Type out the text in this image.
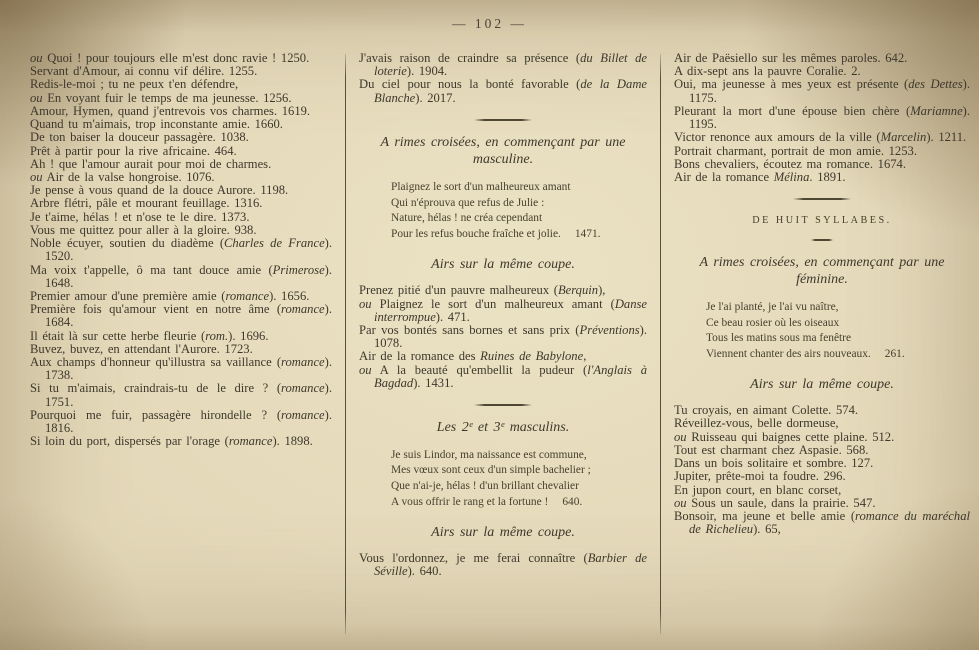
— 102 —

ou Quoi ! pour toujours elle m'est donc ravie ! 1250.

Servant d'Amour, ai connu vif délire. 1255.

Redis-le-moi ; tu ne peux t'en défendre,

ou En voyant fuir le temps de ma jeunesse. 1256.

Amour, Hymen, quand j'entrevois vos charmes. 1619.

Quand tu m'aimais, trop inconstante amie. 1660.

De ton baiser la douceur passagère. 1038.

Prêt à partir pour la rive africaine. 464.

Ah ! que l'amour aurait pour moi de charmes.

ou Air de la valse hongroise. 1076.

Je pense à vous quand de la douce Aurore. 1198.

Arbre flétri, pâle et mourant feuillage. 1316.

Je t'aime, hélas ! et n'ose te le dire. 1373.

Vous me quittez pour aller à la gloire. 938.

Noble écuyer, soutien du diadème (Charles de France). 1520.

Ma voix t'appelle, ô ma tant douce amie (Primerose). 1648.

Premier amour d'une première amie (romance). 1656.

Première fois qu'amour vient en notre âme (romance). 1684.

Il était là sur cette herbe fleurie (rom.). 1696.

Buvez, buvez, en attendant l'Aurore. 1723.

Aux champs d'honneur qu'illustra sa vaillance (romance). 1738.

Si tu m'aimais, craindrais-tu de le dire ? (romance). 1751.

Pourquoi me fuir, passagère hirondelle ? (romance). 1816.

Si loin du port, dispersés par l'orage (romance). 1898.

J'avais raison de craindre sa présence (du Billet de loterie). 1904.

Du ciel pour nous la bonté favorable (de la Dame Blanche). 2017.

A rimes croisées, en commençant par une masculine.

Plaignez le sort d'un malheureux amant
Qui n'éprouva que refus de Julie :
Nature, hélas ! ne créa cependant
Pour les refus bouche fraîche et jolie. 1471.

Airs sur la même coupe.

Prenez pitié d'un pauvre malheureux (Berquin),

ou Plaignez le sort d'un malheureux amant (Danse interrompue). 471.

Par vos bontés sans bornes et sans prix (Préventions). 1078.

Air de la romance des Ruines de Babylone,

ou A la beauté qu'embellit la pudeur (l'Anglais à Bagdad). 1431.

Les 2ᵉ et 3ᵉ masculins.

Je suis Lindor, ma naissance est commune,
Mes vœux sont ceux d'un simple bachelier ;
Que n'ai-je, hélas ! d'un brillant chevalier
A vous offrir le rang et la fortune ! 640.

Airs sur la même coupe.

Vous l'ordonnez, je me ferai connaître (Barbier de Séville). 640.

Air de Paësiello sur les mêmes paroles. 642.

A dix-sept ans la pauvre Coralie. 2.

Oui, ma jeunesse à mes yeux est présente (des Dettes). 1175.

Pleurant la mort d'une épouse bien chère (Mariamne). 1195.

Victor renonce aux amours de la ville (Marcelin). 1211.

Portrait charmant, portrait de mon amie. 1253.

Bons chevaliers, écoutez ma romance. 1674.

Air de la romance Mélina. 1891.

DE HUIT SYLLABES.

A rimes croisées, en commençant par une féminine.

Je l'ai planté, je l'ai vu naître,
Ce beau rosier où les oiseaux
Tous les matins sous ma fenêtre
Viennent chanter des airs nouveaux. 261.

Airs sur la même coupe.

Tu croyais, en aimant Colette. 574.

Réveillez-vous, belle dormeuse,

ou Ruisseau qui baignes cette plaine. 512.

Tout est charmant chez Aspasie. 568.

Dans un bois solitaire et sombre. 127.

Jupiter, prête-moi ta foudre. 296.

En jupon court, en blanc corset,

ou Sous un saule, dans la prairie. 547.

Bonsoir, ma jeune et belle amie (romance du maréchal de Richelieu). 65,
